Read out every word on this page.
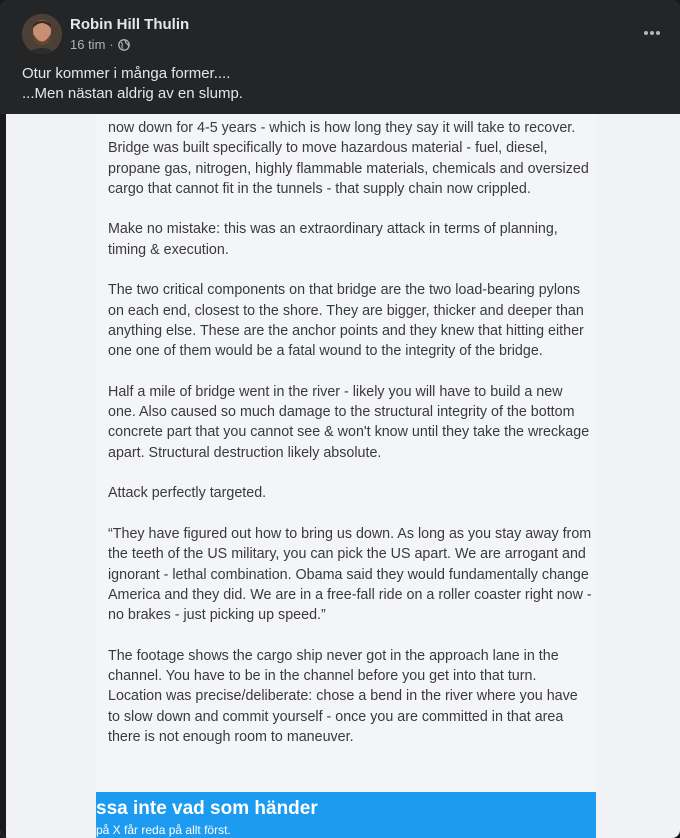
Robin Hill Thulin
16 tim ·
Otur kommer i många former....
...Men nästan aldrig av en slump.

now down for 4-5 years - which is how long they say it will take to recover. Bridge was built specifically to move hazardous material - fuel, diesel, propane gas, nitrogen, highly flammable materials, chemicals and oversized cargo that cannot fit in the tunnels - that supply chain now crippled.

Make no mistake: this was an extraordinary attack in terms of planning, timing & execution.

The two critical components on that bridge are the two load-bearing pylons on each end, closest to the shore. They are bigger, thicker and deeper than anything else. These are the anchor points and they knew that hitting either one one of them would be a fatal wound to the integrity of the bridge.

Half a mile of bridge went in the river - likely you will have to build a new one. Also caused so much damage to the structural integrity of the bottom concrete part that you cannot see & won't know until they take the wreckage apart. Structural destruction likely absolute.

Attack perfectly targeted.

“They have figured out how to bring us down. As long as you stay away from the teeth of the US military, you can pick the US apart. We are arrogant and ignorant - lethal combination. Obama said they would fundamentally change America and they did. We are in a free-fall ride on a roller coaster right now - no brakes - just picking up speed.”

The footage shows the cargo ship never got in the approach lane in the channel. You have to be in the channel before you get into that turn. Location was precise/deliberate: chose a bend in the river where you have to slow down and commit yourself - once you are committed in that area there is not enough room to maneuver.

ssa inte vad som händer
på X får reda på allt först.
